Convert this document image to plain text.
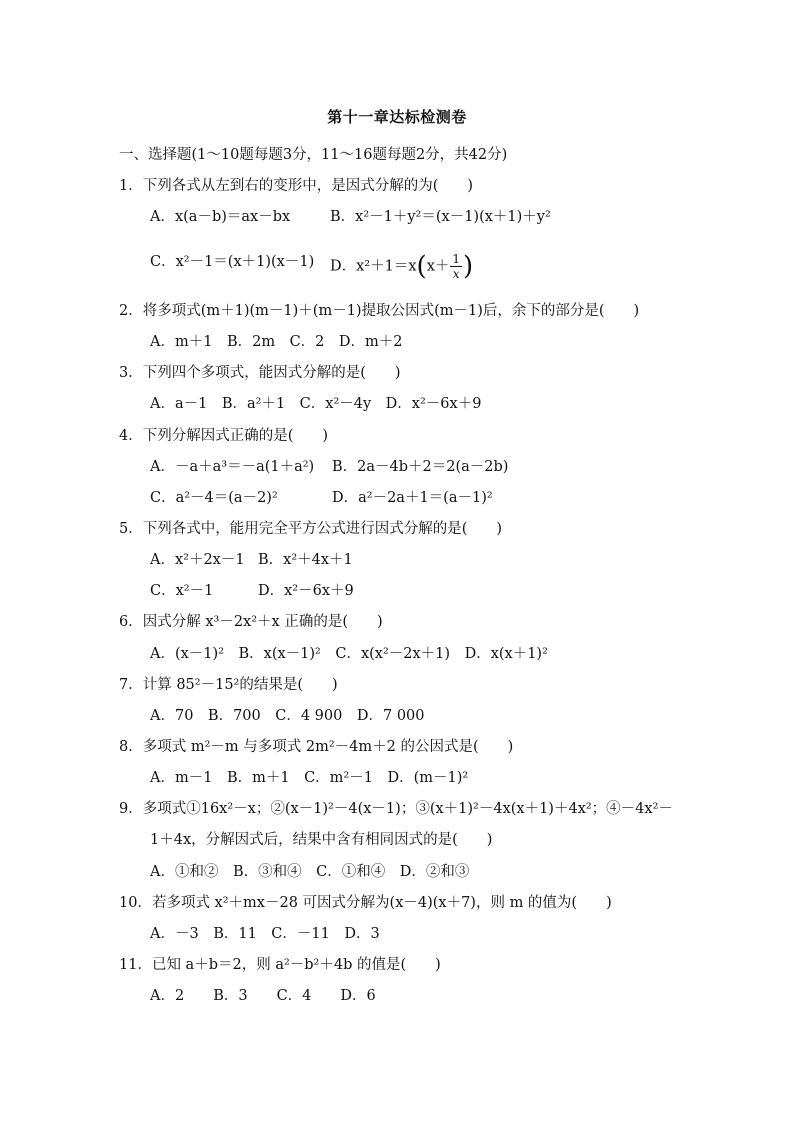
第十一章达标检测卷
一、选择题(1～10题每题3分，11～16题每题2分，共42分)
1．下列各式从左到右的变形中，是因式分解的为(　　)
A．x(a－b)＝ax－bx	B．x²－1＋y²＝(x－1)(x＋1)＋y²
C．x²－1＝(x＋1)(x－1) D．$x^2+1=x(x+ \frac{1}{x}$ )
2．将多项式(m＋1)(m－1)＋(m－1)提取公因式(m－1)后，余下的部分是(　　)
A．m＋1　B．2m　C．2　D．m＋2
3．下列四个多项式，能因式分解的是(　　)
A．a－1　B．a²＋1　C．x²－4y　D．x²－6x＋9
4．下列分解因式正确的是(　　)
A．－a＋a³＝－a(1＋a²) B．2a－4b＋2＝2(a－2b)
C．a²－4＝(a－2)²	D．a²－2a＋1＝(a－1)²
5．下列各式中，能用完全平方公式进行因式分解的是(　　)
A．x²＋2x－1 B．x²＋4x＋1
C．x²－1	D．x²－6x＋9
6．因式分解 x³－2x²＋x 正确的是(　　)
A．(x－1)²　B．x(x－1)²　C．x(x²－2x＋1)　D．x(x＋1)²
7．计算 85²－15²的结果是(　　)
A．70　B．700　C．4 900　D．7 000
8．多项式 m²－m 与多项式 2m²－4m＋2 的公因式是(　　)
A．m－1　B．m＋1　C．m²－1　D．(m－1)²
9．多项式①16x²－x；②(x－1)²－4(x－1)；③(x＋1)²－4x(x＋1)＋4x²；④－4x²－
1＋4x，分解因式后，结果中含有相同因式的是(　　)
A．①和②　B．③和④　C．①和④　D．②和③
10．若多项式 x²＋mx－28 可因式分解为(x－4)(x＋7)，则 m 的值为(　　)
A．－3　B．11　C．－11　D．3
11．已知 a＋b＝2，则 a²－b²＋4b 的值是(　　)
A．2　　B．3　　C．4　　D．6
